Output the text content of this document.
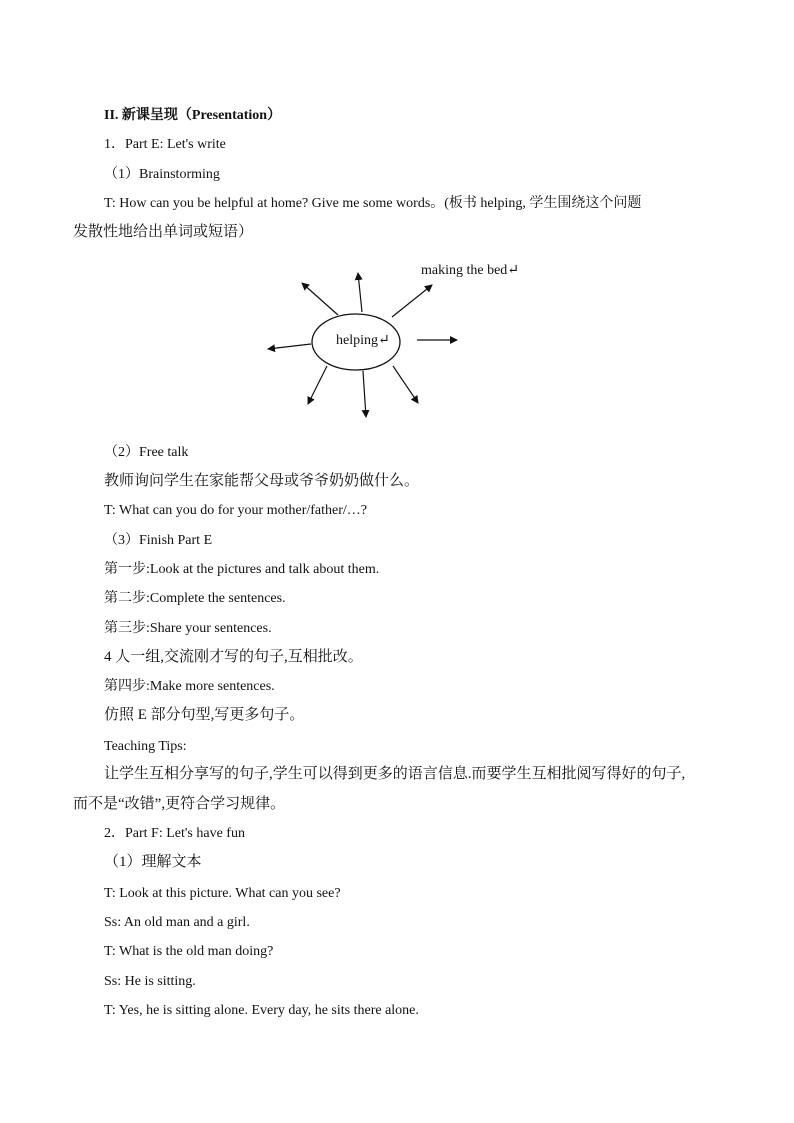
II. 新课呈现（Presentation）
1．Part E: Let's write
（1）Brainstorming
T: How can you be helpful at home? Give me some words。(板书 helping, 学生围绕这个问题
发散性地给出单词或短语）
helping↵
making the bed↵
（2）Free talk
教师询问学生在家能帮父母或爷爷奶奶做什么。
T: What can you do for your mother/father/…?
（3）Finish Part E
第一步:Look at the pictures and talk about them.
第二步:Complete the sentences.
第三步:Share your sentences.
4 人一组,交流刚才写的句子,互相批改。
第四步:Make more sentences.
仿照 E 部分句型,写更多句子。
Teaching Tips:
让学生互相分享写的句子,学生可以得到更多的语言信息.而要学生互相批阅写得好的句子,
而不是“改错”,更符合学习规律。
2．Part F: Let's have fun
（1）理解文本
T: Look at this picture. What can you see?
Ss: An old man and a girl.
T: What is the old man doing?
Ss: He is sitting.
T: Yes, he is sitting alone. Every day, he sits there alone.
